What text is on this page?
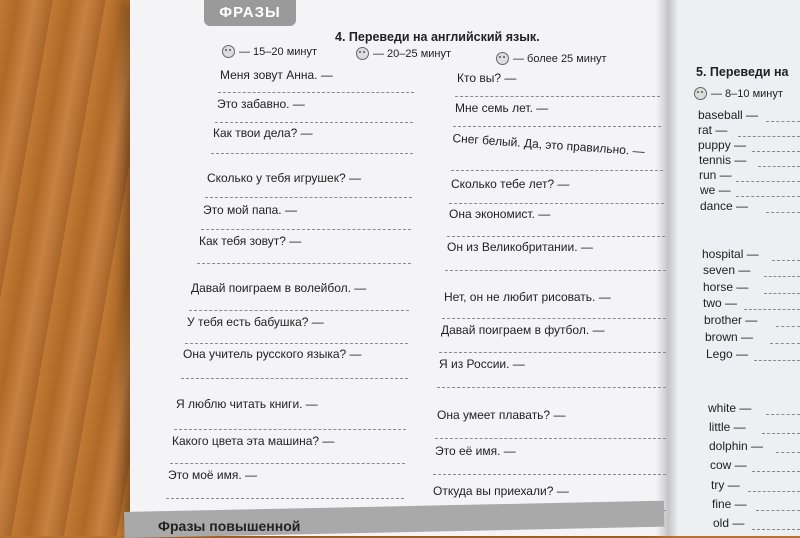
ФРАЗЫ
4. Переведи на английский язык.
— 15–20 минут	— 20–25 минут	— более 25 минут
Меня зовут Анна. —
Это забавно. —
Как твои дела? —
Сколько у тебя игрушек? —
Это мой папа. —
Как тебя зовут? —
Давай поиграем в волейбол. —
У тебя есть бабушка? —
Она учитель русского языка? —
Я люблю читать книги. —
Какого цвета эта машина? —
Это моё имя. —
Кто вы? —
Мне семь лет. —
Снег белый. Да, это правильно. —
Сколько тебе лет? —
Она экономист. —
Он из Великобритании. —
Нет, он не любит рисовать. —
Давай поиграем в футбол. —
Я из России. —
Она умеет плавать? —
Это её имя. —
Откуда вы приехали? —
5. Переведи на
— 8–10 минут
baseball —
rat —
puppy —
tennis —
run —
we —
dance —
hospital —
seven —
horse —
two —
brother —
brown —
Lego —
white —
little —
dolphin —
cow —
try —
fine —
old —
Фразы повышенной
